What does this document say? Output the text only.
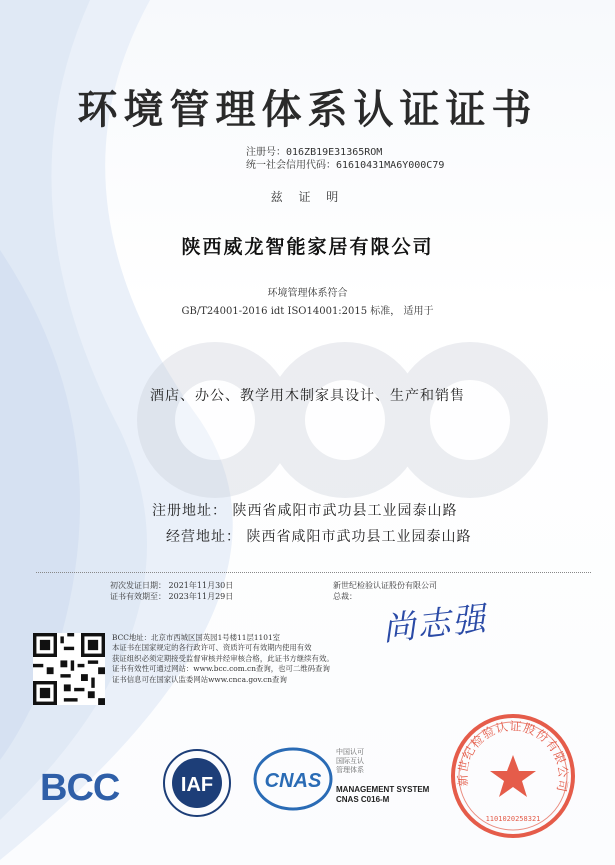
环境管理体系认证证书
注册号：016ZB19E31365ROM
统一社会信用代码：61610431MA6Y000C79
兹 证 明
陕西威龙智能家居有限公司
环境管理体系符合
GB/T24001-2016 idt ISO14001:2015 标准， 适用于
酒店、办公、教学用木制家具设计、生产和销售
注册地址： 陕西省咸阳市武功县工业园泰山路
经营地址： 陕西省咸阳市武功县工业园泰山路
初次发证日期： 2021年11月30日
证书有效期至： 2023年11月29日
新世纪检验认证股份有限公司
总裁：
尚志强
BCC地址：北京市西城区国英园1号楼11层1101室
本证书在国家规定的各行政许可、资质许可有效期内使用有效
获证组织必须定期接受监督审核并经审核合格，此证书方继续有效。
证书有效性可通过网站：www.bcc.com.cn查询，也可二维码查询
证书信息可在国家认监委网站www.cnca.gov.cn查询
BCC	IAF	CNAS
中国认可
国际互认
管理体系
MANAGEMENT SYSTEM
CNAS C016-M
新世纪检验认证股份有限公司
1101020258321
